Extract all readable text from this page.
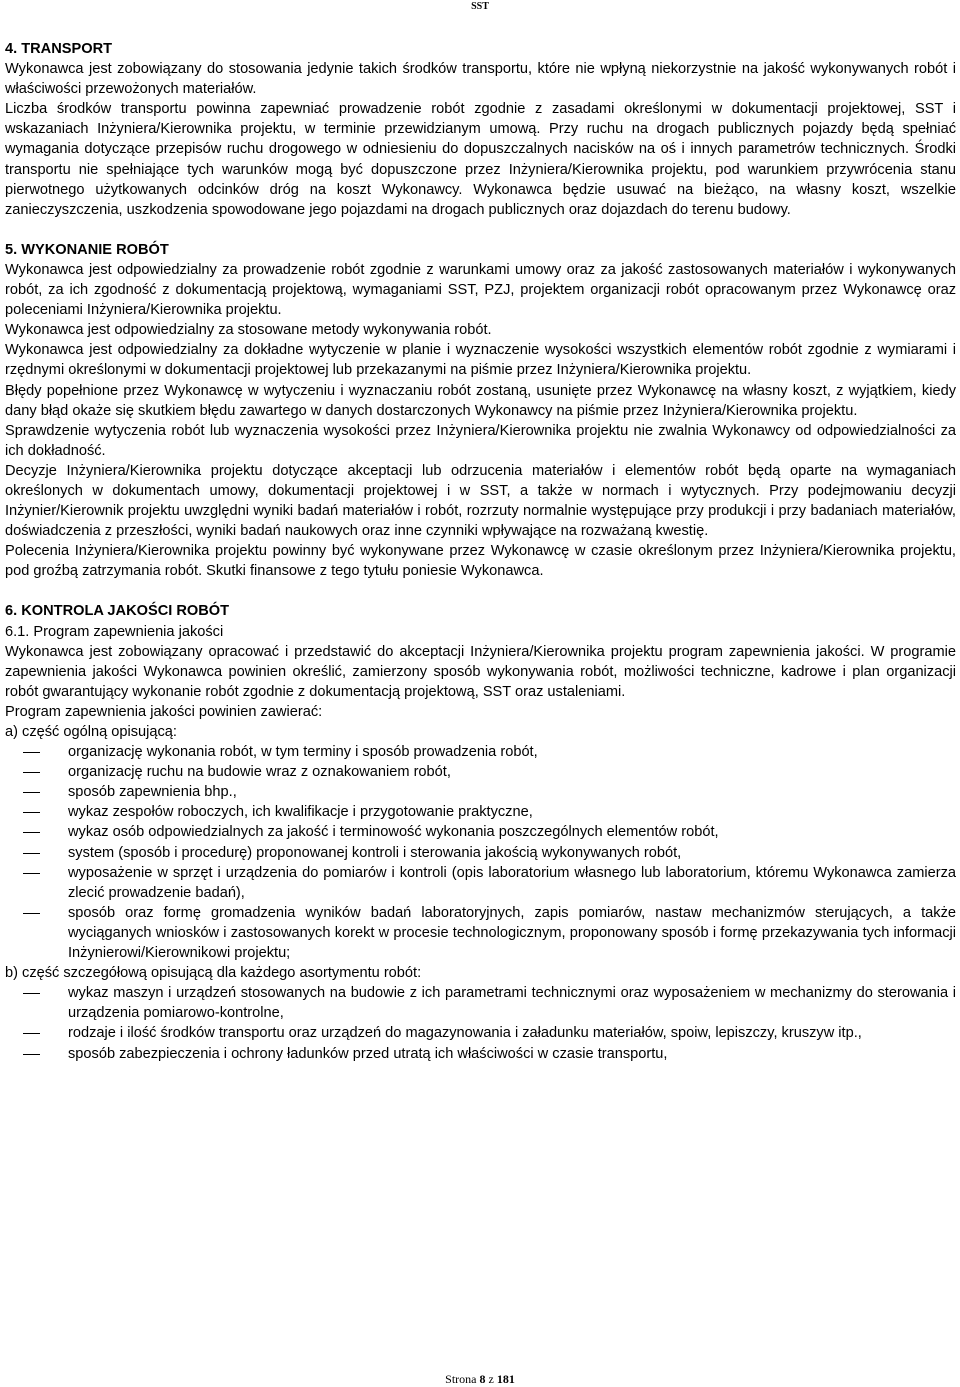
SST
4. TRANSPORT

Wykonawca jest zobowiązany do stosowania jedynie takich środków transportu, które nie wpłyną niekorzystnie na jakość wykonywanych robót i właściwości przewożonych materiałów.

Liczba środków transportu powinna zapewniać prowadzenie robót zgodnie z zasadami określonymi w dokumentacji projektowej, SST i wskazaniach Inżyniera/Kierownika projektu, w terminie przewidzianym umową. Przy ruchu na drogach publicznych pojazdy będą spełniać wymagania dotyczące przepisów ruchu drogowego w odniesieniu do dopuszczalnych nacisków na oś i innych parametrów technicznych. Środki transportu nie spełniające tych warunków mogą być dopuszczone przez Inżyniera/Kierownika projektu, pod warunkiem przywrócenia stanu pierwotnego użytkowanych odcinków dróg na koszt Wykonawcy. Wykonawca będzie usuwać na bieżąco, na własny koszt, wszelkie zanieczyszczenia, uszkodzenia spowodowane jego pojazdami na drogach publicznych oraz dojazdach do terenu budowy.

5. WYKONANIE ROBÓT

Wykonawca jest odpowiedzialny za prowadzenie robót zgodnie z warunkami umowy oraz za jakość zastosowanych materiałów i wykonywanych robót, za ich zgodność z dokumentacją projektową, wymaganiami SST, PZJ, projektem organizacji robót opracowanym przez Wykonawcę oraz poleceniami Inżyniera/Kierownika projektu.

Wykonawca jest odpowiedzialny za stosowane metody wykonywania robót.

Wykonawca jest odpowiedzialny za dokładne wytyczenie w planie i wyznaczenie wysokości wszystkich elementów robót zgodnie z wymiarami i rzędnymi określonymi w dokumentacji projektowej lub przekazanymi na piśmie przez Inżyniera/Kierownika projektu.

Błędy popełnione przez Wykonawcę w wytyczeniu i wyznaczaniu robót zostaną, usunięte przez Wykonawcę na własny koszt, z wyjątkiem, kiedy dany błąd okaże się skutkiem błędu zawartego w danych dostarczonych Wykonawcy na piśmie przez Inżyniera/Kierownika projektu.

Sprawdzenie wytyczenia robót lub wyznaczenia wysokości przez Inżyniera/Kierownika projektu nie zwalnia Wykonawcy od odpowiedzialności za ich dokładność.

Decyzje Inżyniera/Kierownika projektu dotyczące akceptacji lub odrzucenia materiałów i elementów robót będą oparte na wymaganiach określonych w dokumentach umowy, dokumentacji projektowej i w SST, a także w normach i wytycznych. Przy podejmowaniu decyzji Inżynier/Kierownik projektu uwzględni wyniki badań materiałów i robót, rozrzuty normalnie występujące przy produkcji i przy badaniach materiałów, doświadczenia z przeszłości, wyniki badań naukowych oraz inne czynniki wpływające na rozważaną kwestię.

Polecenia Inżyniera/Kierownika projektu powinny być wykonywane przez Wykonawcę w czasie określonym przez Inżyniera/Kierownika projektu, pod groźbą zatrzymania robót. Skutki finansowe z tego tytułu poniesie Wykonawca.

6. KONTROLA JAKOŚCI ROBÓT

6.1. Program zapewnienia jakości

Wykonawca jest zobowiązany opracować i przedstawić do akceptacji Inżyniera/Kierownika projektu program zapewnienia jakości. W programie zapewnienia jakości Wykonawca powinien określić, zamierzony sposób wykonywania robót, możliwości techniczne, kadrowe i plan organizacji robót gwarantujący wykonanie robót zgodnie z dokumentacją projektową, SST oraz ustaleniami.

Program zapewnienia jakości powinien zawierać:

a) część ogólną opisującą:

organizację wykonania robót, w tym terminy i sposób prowadzenia robót,
organizację ruchu na budowie wraz z oznakowaniem robót,
sposób zapewnienia bhp.,
wykaz zespołów roboczych, ich kwalifikacje i przygotowanie praktyczne,
wykaz osób odpowiedzialnych za jakość i terminowość wykonania poszczególnych elementów robót,
system (sposób i procedurę) proponowanej kontroli i sterowania jakością wykonywanych robót,
wyposażenie w sprzęt i urządzenia do pomiarów i kontroli (opis laboratorium własnego lub laboratorium, któremu Wykonawca zamierza zlecić prowadzenie badań),
sposób oraz formę gromadzenia wyników badań laboratoryjnych, zapis pomiarów, nastaw mechanizmów sterujących, a także wyciąganych wniosków i zastosowanych korekt w procesie technologicznym, proponowany sposób i formę przekazywania tych informacji Inżynierowi/Kierownikowi projektu;

b) część szczegółową opisującą dla każdego asortymentu robót:

wykaz maszyn i urządzeń stosowanych na budowie z ich parametrami technicznymi oraz wyposażeniem w mechanizmy do sterowania i urządzenia pomiarowo-kontrolne,
rodzaje i ilość środków transportu oraz urządzeń do magazynowania i załadunku materiałów, spoiw, lepiszczy, kruszyw itp.,
sposób zabezpieczenia i ochrony ładunków przed utratą ich właściwości w czasie transportu,
Strona 8 z 181
